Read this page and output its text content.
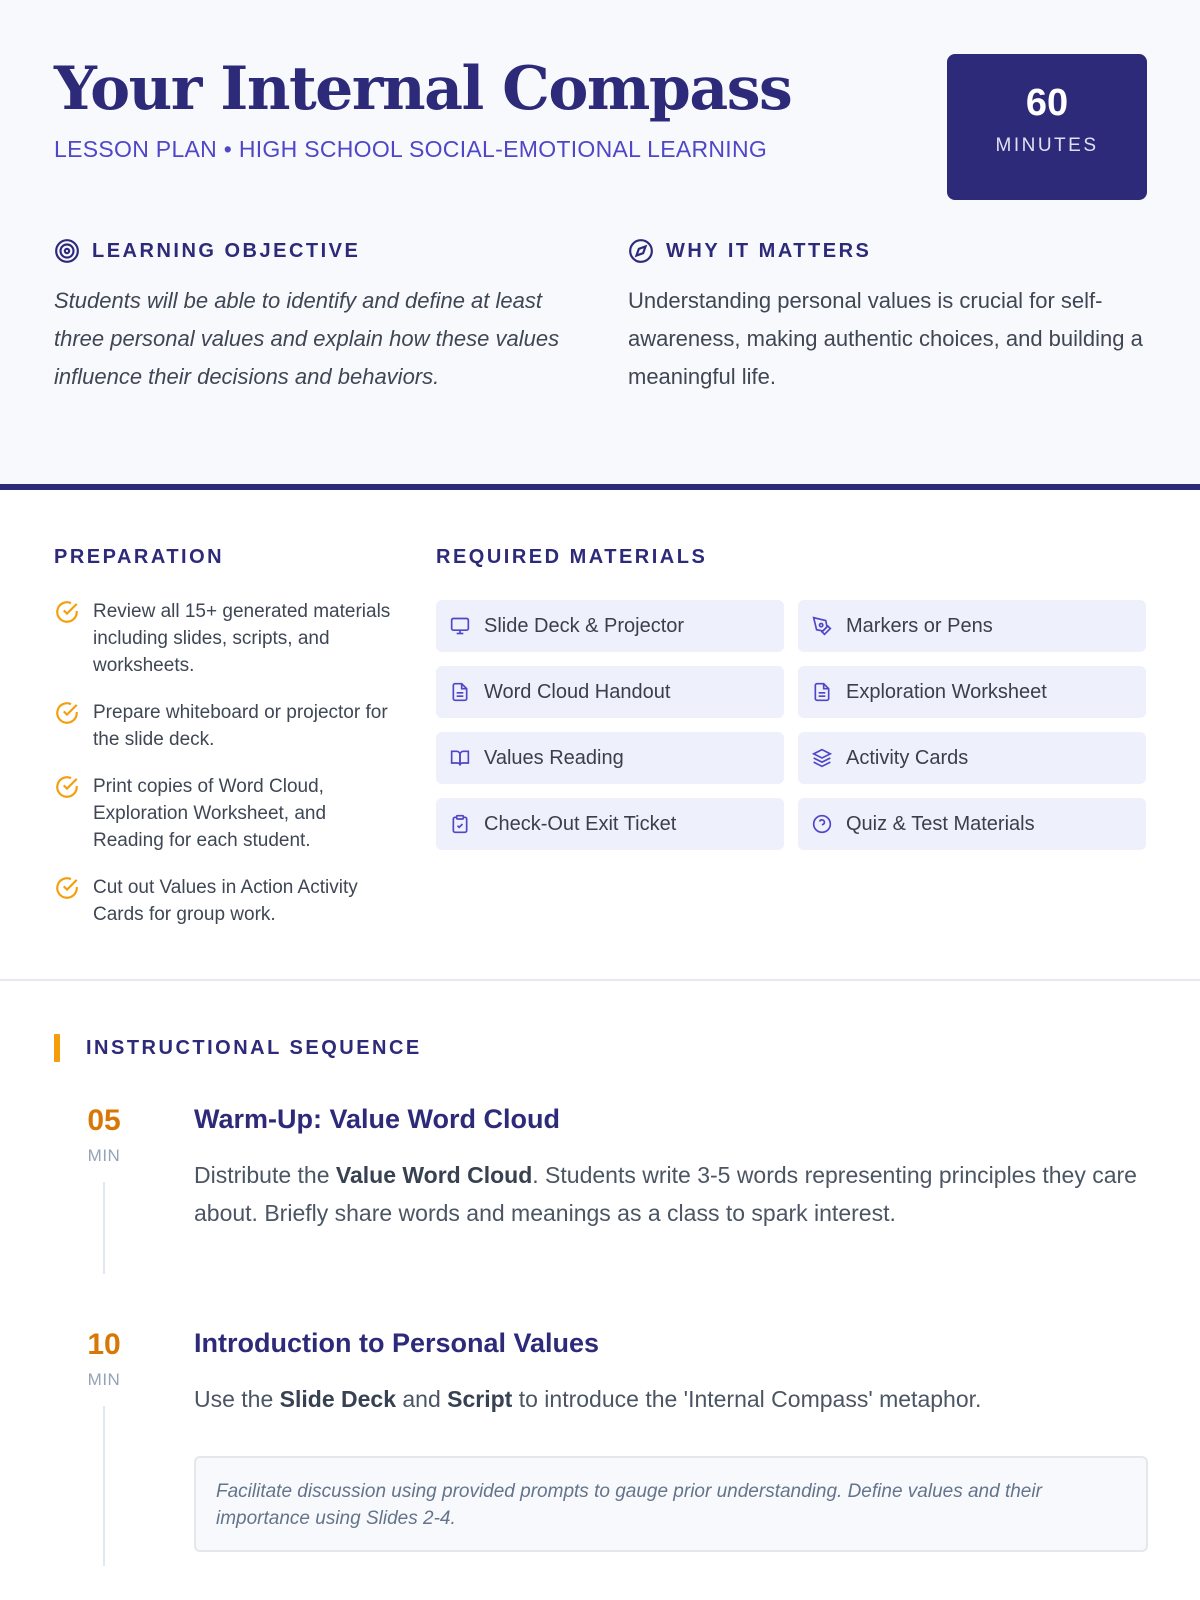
Your Internal Compass
LESSON PLAN • HIGH SCHOOL SOCIAL-EMOTIONAL LEARNING
60
MINUTES
LEARNING OBJECTIVE

Students will be able to identify and define at least three personal values and explain how these values influence their decisions and behaviors.

WHY IT MATTERS

Understanding personal values is crucial for self-awareness, making authentic choices, and building a meaningful life.

PREPARATION
Review all 15+ generated materials including slides, scripts, and worksheets.
Prepare whiteboard or projector for the slide deck.
Print copies of Word Cloud, Exploration Worksheet, and Reading for each student.
Cut out Values in Action Activity Cards for group work.
REQUIRED MATERIALS
Slide Deck & Projector	Markers or Pens
Word Cloud Handout	Exploration Worksheet
Values Reading	Activity Cards
Check-Out Exit Ticket	Quiz & Test Materials
INSTRUCTIONAL SEQUENCE
05
MIN
Warm-Up: Value Word Cloud

Distribute the Value Word Cloud. Students write 3-5 words representing principles they care about. Briefly share words and meanings as a class to spark interest.

10
MIN
Introduction to Personal Values

Use the Slide Deck and Script to introduce the 'Internal Compass' metaphor.

Facilitate discussion using provided prompts to gauge prior understanding. Define values and their importance using Slides 2-4.
